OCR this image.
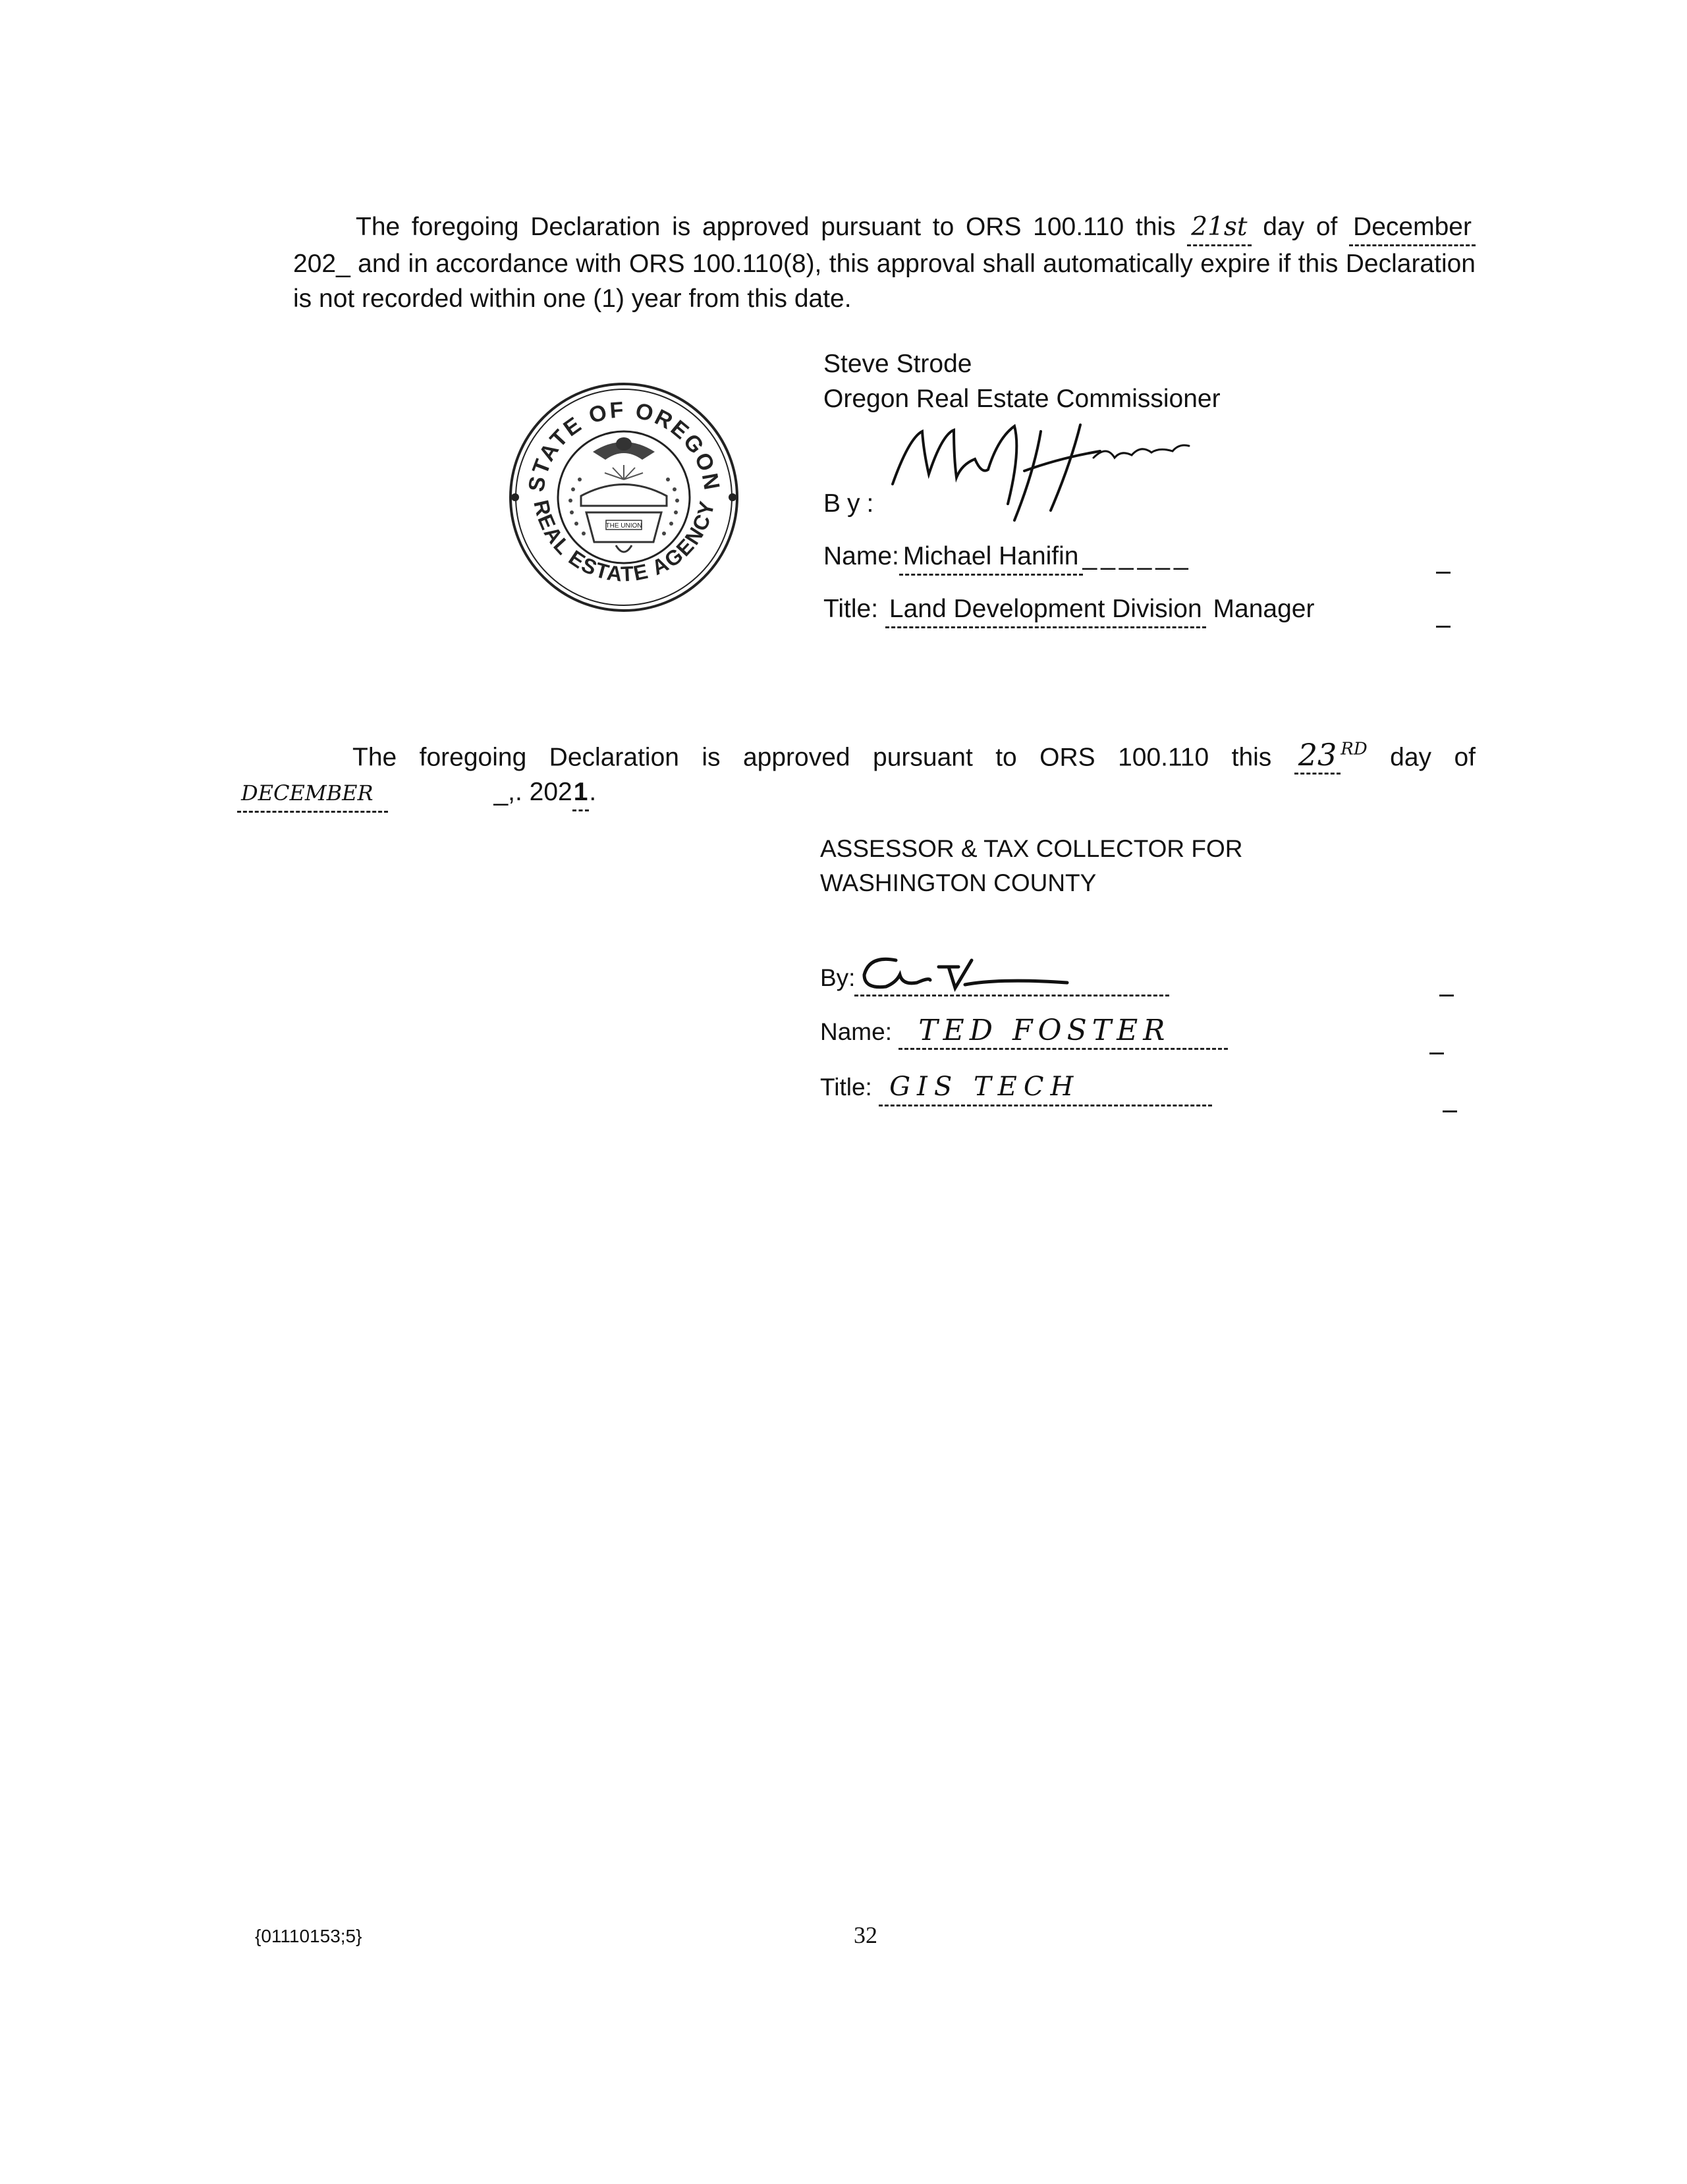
The foregoing Declaration is approved pursuant to ORS 100.110 this 21st day of December
202_ and in accordance with ORS 100.110(8), this approval shall automatically expire if this Declaration
is not recorded within one (1) year from this date.
STATE OF OREGON
REAL ESTATE AGENCY
THE UNION
Steve Strode
Oregon Real Estate Commissioner
By:
Name: Michael Hanifin ______
Title: Land Development Division Manager
The foregoing Declaration is approved pursuant to ORS 100.110 this 23 $^{RD}$ day of
DECEMBER	_,. 2021.
ASSESSOR & TAX COLLECTOR FOR
WASHINGTON COUNTY
By:
Name: TED FOSTER
Title: GIS TECH
{01110153;5}	32
